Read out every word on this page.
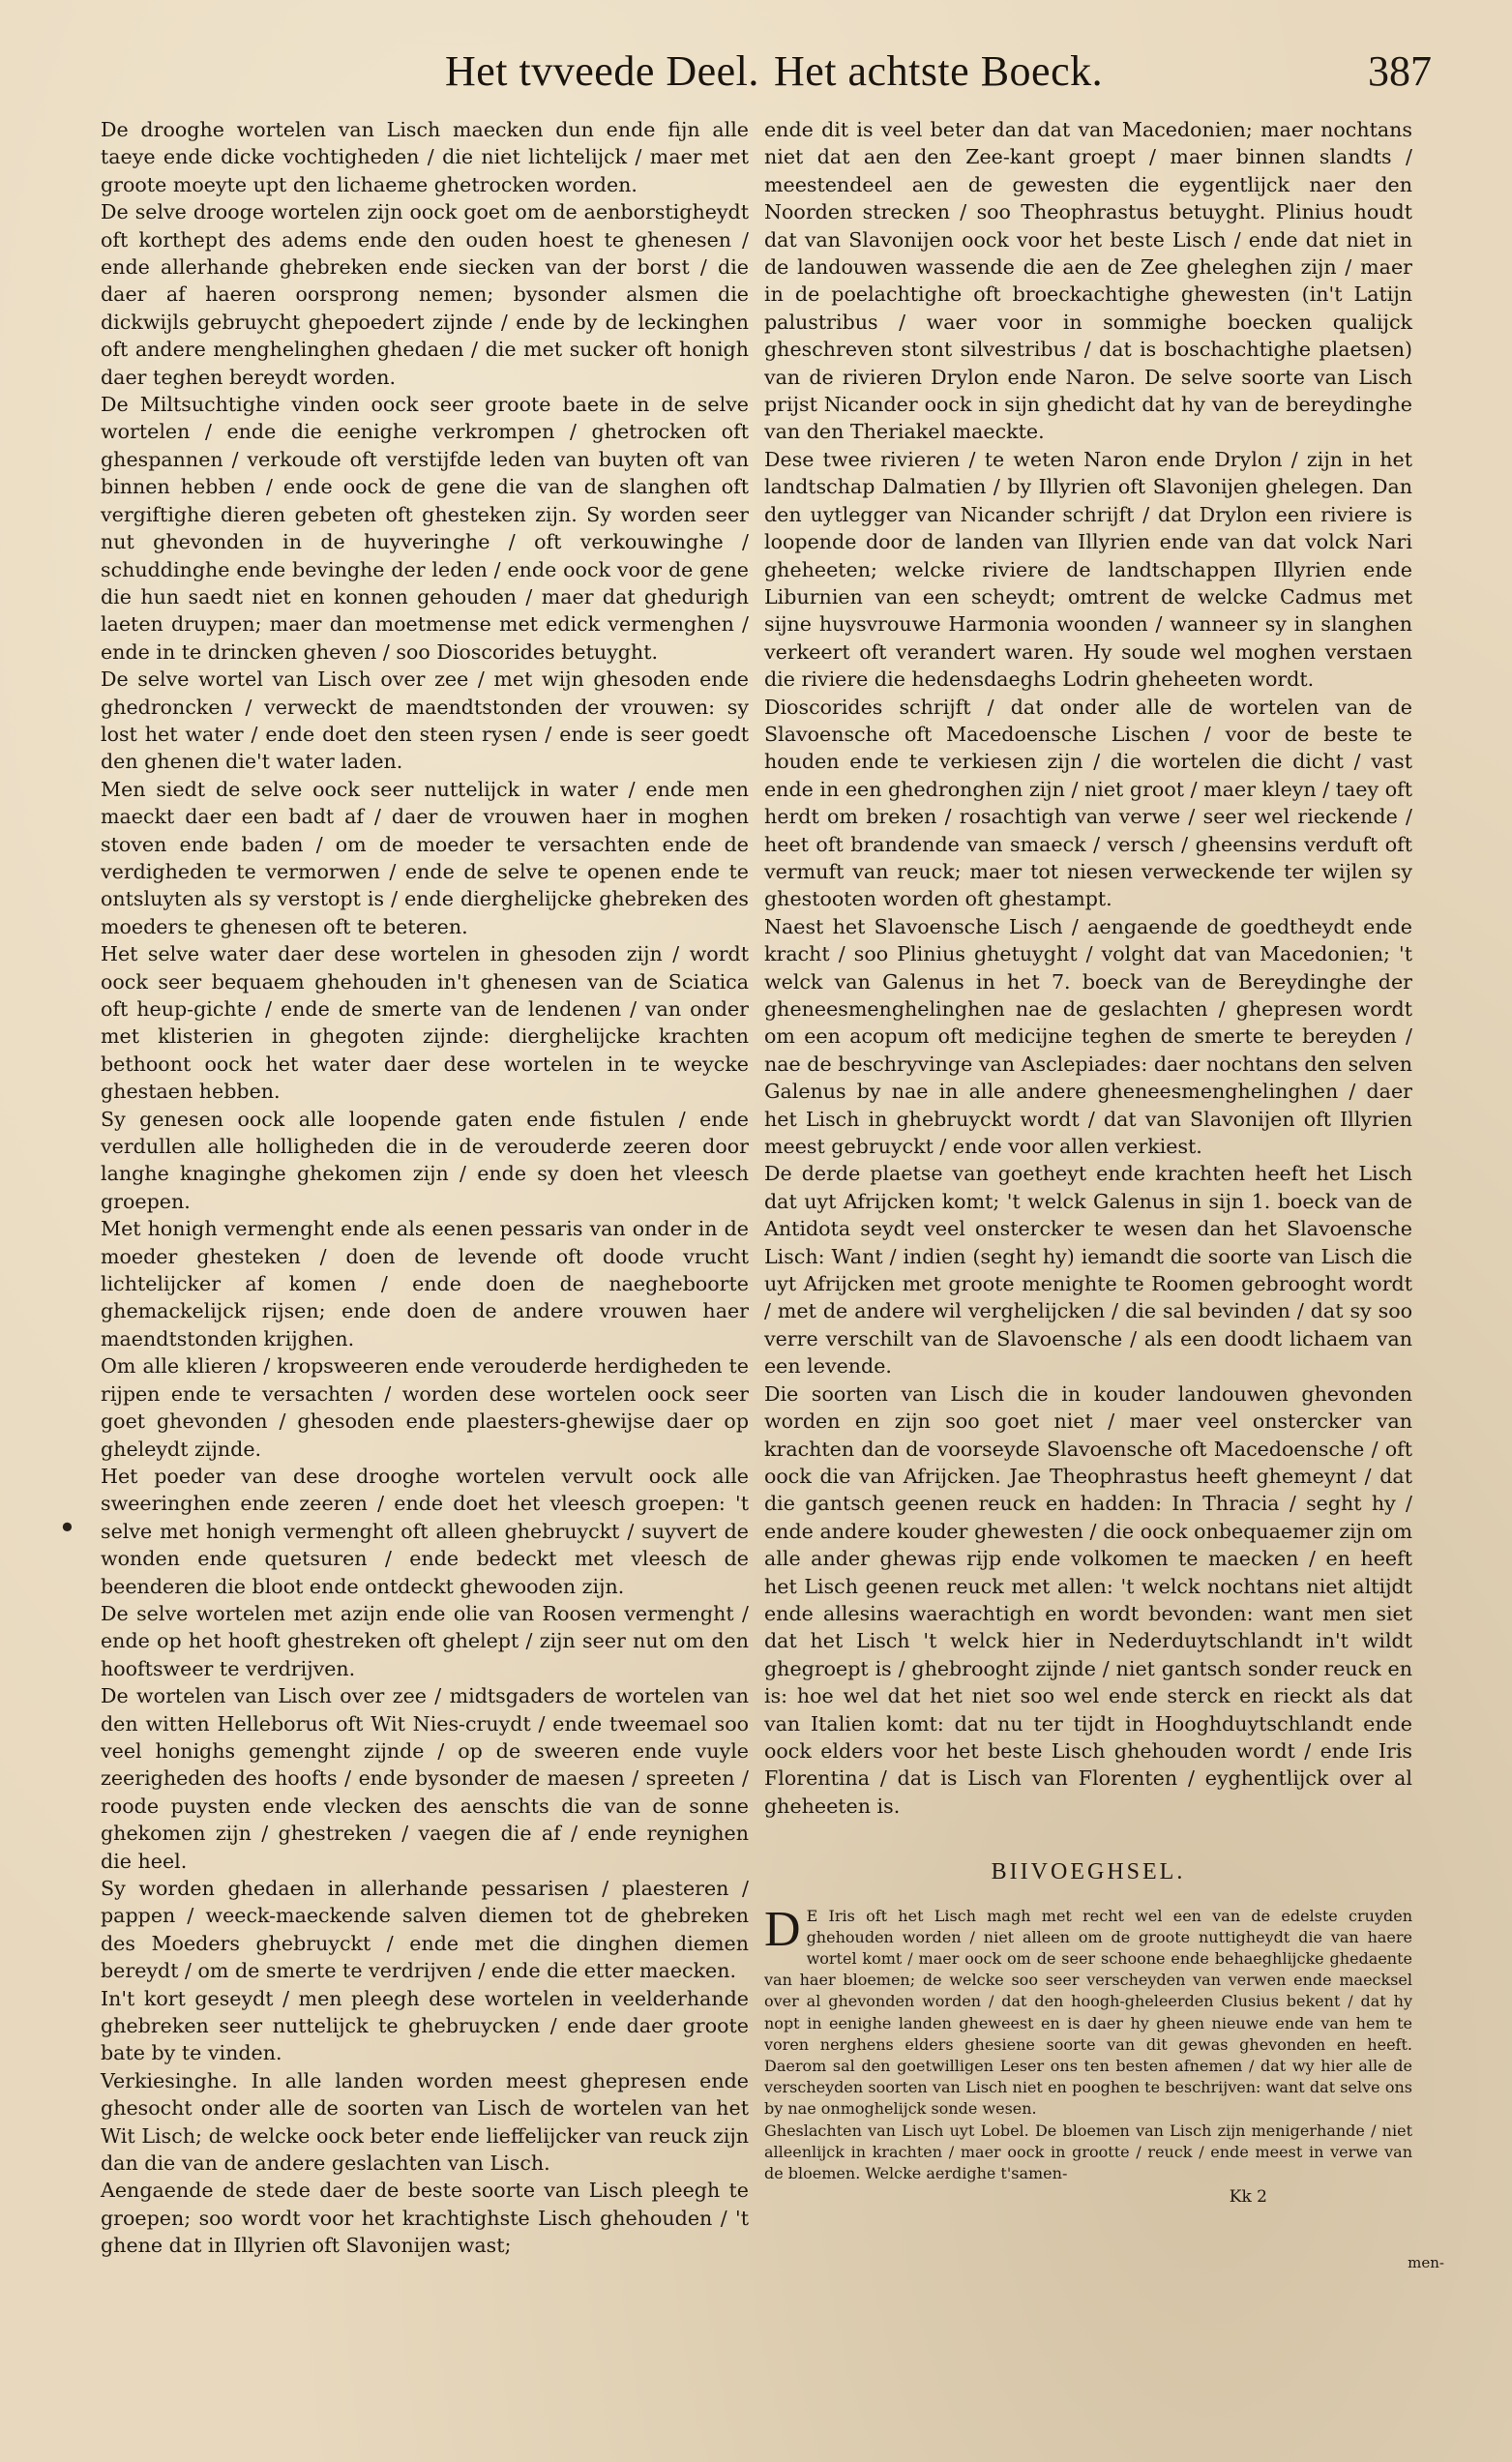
Het tvveede Deel. Het achtste Boeck.	387
•

De drooghe wortelen van Lisch maecken dun ende fijn alle taeye ende dicke vochtigheden / die niet lichtelijck / maer met groote moeyte upt den lichaeme ghetrocken worden.

De selve drooge wortelen zijn oock goet om de aenborstigheydt oft korthept des adems ende den ouden hoest te ghenesen / ende allerhande ghebreken ende siecken van der borst / die daer af haeren oorsprong nemen; bysonder alsmen die dickwijls gebruycht ghepoedert zijnde / ende by de leckinghen oft andere menghelinghen ghedaen / die met sucker oft honigh daer teghen bereydt worden.

De Miltsuchtighe vinden oock seer groote baete in de selve wortelen / ende die eenighe verkrompen / ghetrocken oft ghespannen / verkoude oft verstijfde leden van buyten oft van binnen hebben / ende oock de gene die van de slanghen oft vergiftighe dieren gebeten oft ghesteken zijn. Sy worden seer nut ghevonden in de huyveringhe / oft verkouwinghe / schuddinghe ende bevinghe der leden / ende oock voor de gene die hun saedt niet en konnen gehouden / maer dat ghedurigh laeten druypen; maer dan moetmense met edick vermenghen / ende in te drincken gheven / soo Dioscorides betuyght.

De selve wortel van Lisch over zee / met wijn ghesoden ende ghedroncken / verweckt de maendtstonden der vrouwen: sy lost het water / ende doet den steen rysen / ende is seer goedt den ghenen die't water laden.

Men siedt de selve oock seer nuttelijck in water / ende men maeckt daer een badt af / daer de vrouwen haer in moghen stoven ende baden / om de moeder te versachten ende de verdigheden te vermorwen / ende de selve te openen ende te ontsluyten als sy verstopt is / ende dierghelijcke ghebreken des moeders te ghenesen oft te beteren.

Het selve water daer dese wortelen in ghesoden zijn / wordt oock seer bequaem ghehouden in't ghenesen van de Sciatica oft heup-gichte / ende de smerte van de lendenen / van onder met klisterien in ghegoten zijnde: dierghelijcke krachten bethoont oock het water daer dese wortelen in te weycke ghestaen hebben.

Sy genesen oock alle loopende gaten ende fistulen / ende verdullen alle holligheden die in de verouderde zeeren door langhe knaginghe ghekomen zijn / ende sy doen het vleesch groepen.

Met honigh vermenght ende als eenen pessaris van onder in de moeder ghesteken / doen de levende oft doode vrucht lichtelijcker af komen / ende doen de naegheboorte ghemackelijck rijsen; ende doen de andere vrouwen haer maendtstonden krijghen.

Om alle klieren / kropsweeren ende verouderde herdigheden te rijpen ende te versachten / worden dese wortelen oock seer goet ghevonden / ghesoden ende plaesters-ghewijse daer op gheleydt zijnde.

Het poeder van dese drooghe wortelen vervult oock alle sweeringhen ende zeeren / ende doet het vleesch groepen: 't selve met honigh vermenght oft alleen ghebruyckt / suyvert de wonden ende quetsuren / ende bedeckt met vleesch de beenderen die bloot ende ontdeckt ghewooden zijn.

De selve wortelen met azijn ende olie van Roosen vermenght / ende op het hooft ghestreken oft ghelept / zijn seer nut om den hooftsweer te verdrijven.

De wortelen van Lisch over zee / midtsgaders de wortelen van den witten Helleborus oft Wit Nies-cruydt / ende tweemael soo veel honighs gemenght zijnde / op de sweeren ende vuyle zeerigheden des hoofts / ende bysonder de maesen / spreeten / roode puysten ende vlecken des aenschts die van de sonne ghekomen zijn / ghestreken / vaegen die af / ende reynighen die heel.

Sy worden ghedaen in allerhande pessarisen / plaesteren / pappen / weeck-maeckende salven diemen tot de ghebreken des Moeders ghebruyckt / ende met die dinghen diemen bereydt / om de smerte te verdrijven / ende die etter maecken.

In't kort geseydt / men pleegh dese wortelen in veelderhande ghebreken seer nuttelijck te ghebruycken / ende daer groote bate by te vinden.

Verkiesinghe. In alle landen worden meest ghepresen ende ghesocht onder alle de soorten van Lisch de wortelen van het Wit Lisch; de welcke oock beter ende lieffelijcker van reuck zijn dan die van de andere geslachten van Lisch.

Aengaende de stede daer de beste soorte van Lisch pleegh te groepen; soo wordt voor het krachtighste Lisch ghehouden / 't ghene dat in Illyrien oft Slavonijen wast;

ende dit is veel beter dan dat van Macedonien; maer nochtans niet dat aen den Zee-kant groept / maer binnen slandts / meestendeel aen de gewesten die eygentlijck naer den Noorden strecken / soo Theophrastus betuyght. Plinius houdt dat van Slavonijen oock voor het beste Lisch / ende dat niet in de landouwen wassende die aen de Zee gheleghen zijn / maer in de poelachtighe oft broeckachtighe ghewesten (in't Latijn palustribus / waer voor in sommighe boecken qualijck gheschreven stont silvestribus / dat is boschachtighe plaetsen) van de rivieren Drylon ende Naron. De selve soorte van Lisch prijst Nicander oock in sijn ghedicht dat hy van de bereydinghe van den Theriakel maeckte.

Dese twee rivieren / te weten Naron ende Drylon / zijn in het landtschap Dalmatien / by Illyrien oft Slavonijen ghelegen. Dan den uytlegger van Nicander schrijft / dat Drylon een riviere is loopende door de landen van Illyrien ende van dat volck Nari gheheeten; welcke riviere de landtschappen Illyrien ende Liburnien van een scheydt; omtrent de welcke Cadmus met sijne huysvrouwe Harmonia woonden / wanneer sy in slanghen verkeert oft verandert waren. Hy soude wel moghen verstaen die riviere die hedensdaeghs Lodrin gheheeten wordt.

Dioscorides schrijft / dat onder alle de wortelen van de Slavoensche oft Macedoensche Lischen / voor de beste te houden ende te verkiesen zijn / die wortelen die dicht / vast ende in een ghedronghen zijn / niet groot / maer kleyn / taey oft herdt om breken / rosachtigh van verwe / seer wel rieckende / heet oft brandende van smaeck / versch / gheensins verduft oft vermuft van reuck; maer tot niesen verweckende ter wijlen sy ghestooten worden oft ghestampt.

Naest het Slavoensche Lisch / aengaende de goedtheydt ende kracht / soo Plinius ghetuyght / volght dat van Macedonien; 't welck van Galenus in het 7. boeck van de Bereydinghe der gheneesmenghelinghen nae de geslachten / ghepresen wordt om een acopum oft medicijne teghen de smerte te bereyden / nae de beschryvinge van Asclepiades: daer nochtans den selven Galenus by nae in alle andere gheneesmenghelinghen / daer het Lisch in ghebruyckt wordt / dat van Slavonijen oft Illyrien meest gebruyckt / ende voor allen verkiest.

De derde plaetse van goetheyt ende krachten heeft het Lisch dat uyt Afrijcken komt; 't welck Galenus in sijn 1. boeck van de Antidota seydt veel onstercker te wesen dan het Slavoensche Lisch: Want / indien (seght hy) iemandt die soorte van Lisch die uyt Afrijcken met groote menighte te Roomen gebrooght wordt / met de andere wil verghelijcken / die sal bevinden / dat sy soo verre verschilt van de Slavoensche / als een doodt lichaem van een levende.

Die soorten van Lisch die in kouder landouwen ghevonden worden en zijn soo goet niet / maer veel onstercker van krachten dan de voorseyde Slavoensche oft Macedoensche / oft oock die van Afrijcken. Jae Theophrastus heeft ghemeynt / dat die gantsch geenen reuck en hadden: In Thracia / seght hy / ende andere kouder ghewesten / die oock onbequaemer zijn om alle ander ghewas rijp ende volkomen te maecken / en heeft het Lisch geenen reuck met allen: 't welck nochtans niet altijdt ende allesins waerachtigh en wordt bevonden: want men siet dat het Lisch 't welck hier in Nederduytschlandt in't wildt ghegroept is / ghebrooght zijnde / niet gantsch sonder reuck en is: hoe wel dat het niet soo wel ende sterck en rieckt als dat van Italien komt: dat nu ter tijdt in Hooghduytschlandt ende oock elders voor het beste Lisch ghehouden wordt / ende Iris Florentina / dat is Lisch van Florenten / eyghentlijck over al gheheeten is.

BIIVOEGHSEL.
D E Iris oft het Lisch magh met recht wel een van de edelste cruyden ghehouden worden / niet alleen om de groote nuttigheydt die van haere wortel komt / maer oock om de seer schoone ende behaeghlijcke ghedaente van haer bloemen; de welcke soo seer verscheyden van verwen ende maecksel over al ghevonden worden / dat den hoogh-gheleerden Clusius bekent / dat hy nopt in eenighe landen gheweest en is daer hy gheen nieuwe ende van hem te voren nerghens elders ghesiene soorte van dit gewas ghevonden en heeft. Daerom sal den goetwilligen Leser ons ten besten afnemen / dat wy hier alle de verscheyden soorten van Lisch niet en pooghen te beschrijven: want dat selve ons by nae onmoghelijck sonde wesen.
Gheslachten van Lisch uyt Lobel. De bloemen van Lisch zijn menigerhande / niet alleenlijck in krachten / maer oock in grootte / reuck / ende meest in verwe van de bloemen. Welcke aerdighe t'samen-
Kk 2
men-
